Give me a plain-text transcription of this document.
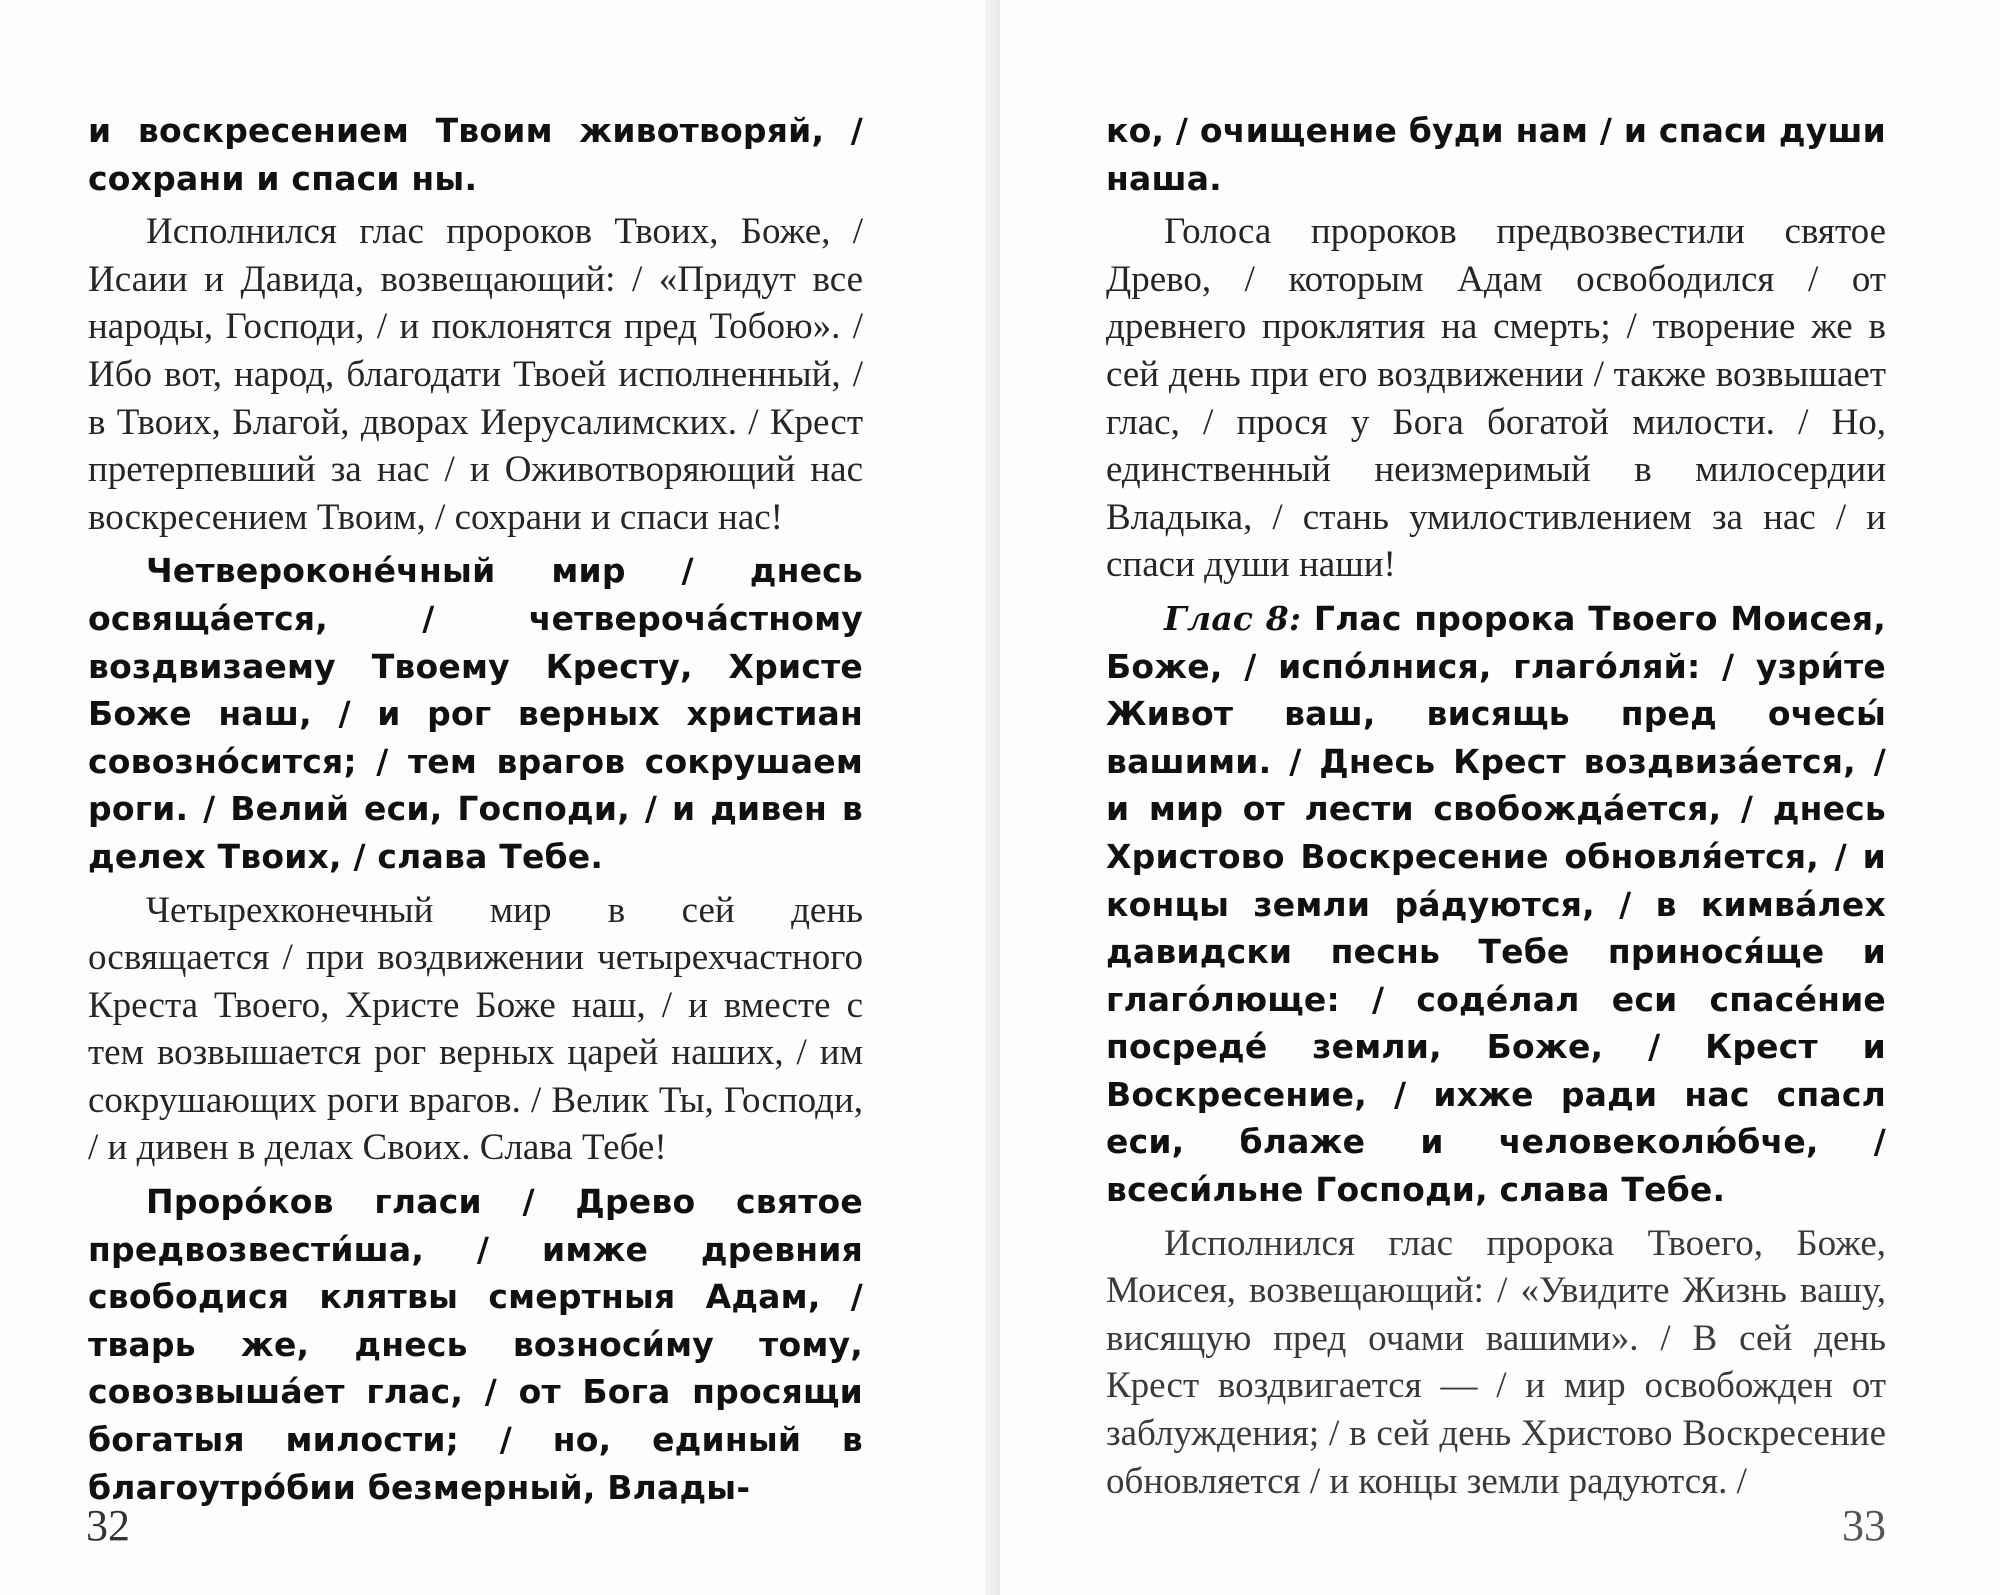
и воскресением Твоим животворяй, / сохрани и спаси ны.

Исполнился глас пророков Твоих, Боже, / Исаии и Давида, возвещающий: / «Придут все народы, Господи, / и поклонятся пред Тобою». / Ибо вот, народ, благодати Твоей исполненный, / в Твоих, Благой, дворах Иерусалимских. / Крест претерпевший за нас / и Оживотворяющий нас воскресением Твоим, / сохрани и спаси нас!

Четвероконе́чный мир / днесь освяща́ется, / четвероча́стному воздвизаему Твоему Кресту, Христе Боже наш, / и рог верных христиан совозно́сится; / тем врагов сокрушаем роги. / Велий еси, Господи, / и дивен в делех Твоих, / слава Тебе.

Четырехконечный мир в сей день освящается / при воздвижении четырехчастного Креста Твоего, Христе Боже наш, / и вместе с тем возвышается рог верных царей наших, / им сокрушающих роги врагов. / Велик Ты, Господи, / и дивен в делах Своих. Слава Тебе!

Проро́ков гласи / Древо святое предвозвести́ша, / имже древния свободися клятвы смертныя Адам, / тварь же, днесь возноси́му тому, совозвыша́ет глас, / от Бога просящи богатыя милости; / но, единый в благоутро́бии безмерный, Влады-

32

ко, / очищение буди нам / и спаси души наша.

Голоса пророков предвозвестили святое Древо, / которым Адам освободился / от древнего проклятия на смерть; / творение же в сей день при его воздвижении / также возвышает глас, / прося у Бога богатой милости. / Но, единственный неизмеримый в милосердии Владыка, / стань умилостивлением за нас / и спаси души наши!

Глас 8: Глас пророка Твоего Моисея, Боже, / испо́лнися, глаго́ляй: / узри́те Живот ваш, висящь пред очесы́ вашими. / Днесь Крест воздвиза́ется, / и мир от лести свобожда́ется, / днесь Христово Воскресение обновля́ется, / и концы земли ра́дуются, / в кимва́лех давидски песнь Тебе принося́ще и глаго́люще: / соде́лал еси спасе́ние посреде́ земли, Боже, / Крест и Воскресение, / ихже ради нас спасл еси, блаже и человеколю́бче, / всеси́льне Господи, слава Тебе.

Исполнился глас пророка Твоего, Боже, Моисея, возвещающий: / «Увидите Жизнь вашу, висящую пред очами вашими». / В сей день Крест воздвигается — / и мир освобожден от заблуждения; / в сей день Христово Воскресение обновляется / и концы земли радуются. /

33
